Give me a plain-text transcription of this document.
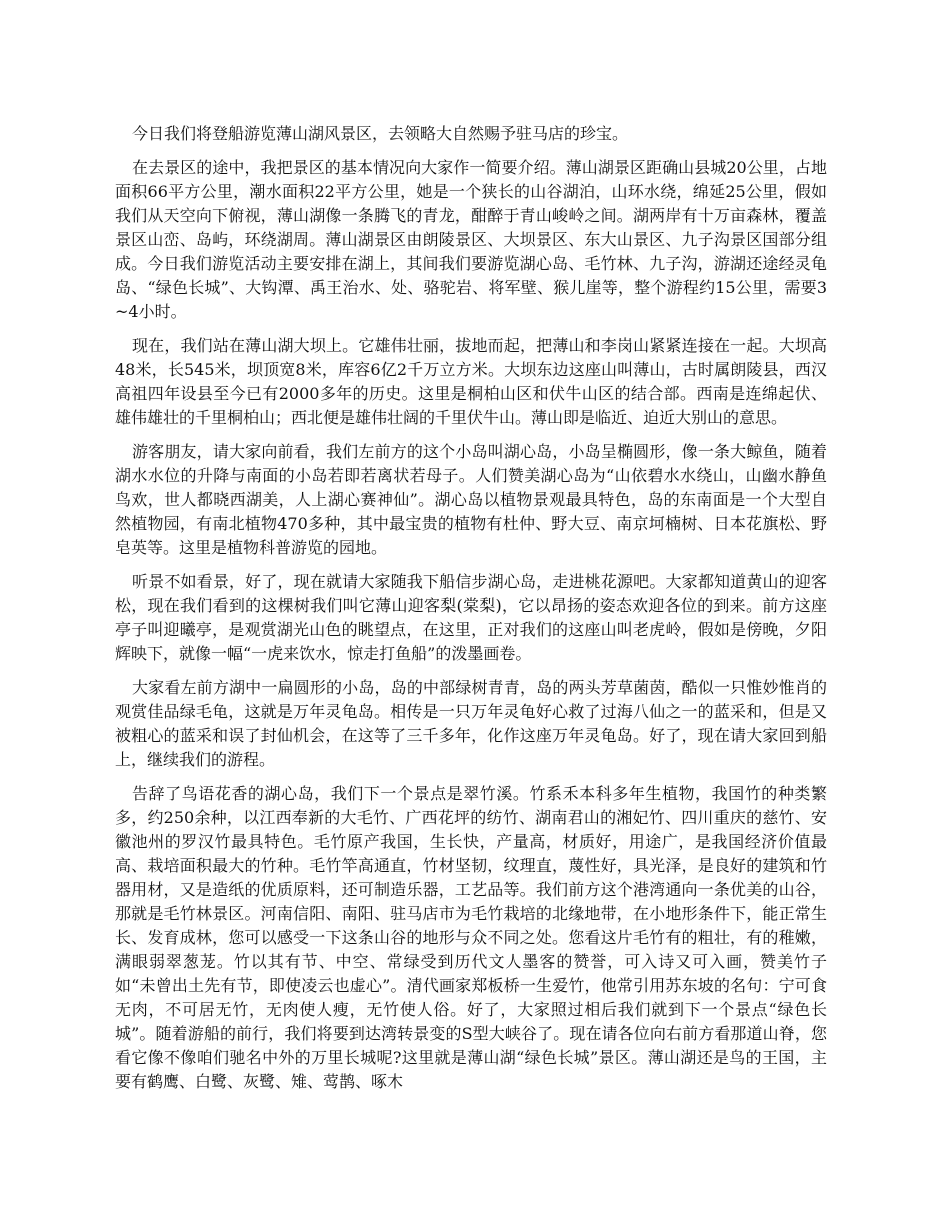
今日我们将登船游览薄山湖风景区，去领略大自然赐予驻马店的珍宝。

在去景区的途中，我把景区的基本情况向大家作一简要介绍。薄山湖景区距确山县城20公里，占地面积66平方公里，潮水面积22平方公里，她是一个狭长的山谷湖泊，山环水绕，绵延25公里，假如我们从天空向下俯视，薄山湖像一条腾飞的青龙，酣醉于青山峻岭之间。湖两岸有十万亩森林，覆盖景区山峦、岛屿，环绕湖周。薄山湖景区由朗陵景区、大坝景区、东大山景区、九子沟景区国部分组成。今日我们游览活动主要安排在湖上，其间我们要游览湖心岛、毛竹林、九子沟，游湖还途经灵龟岛、“绿色长城”、大钩潭、禹王治水、处、骆驼岩、将军壁、猴儿崖等，整个游程约15公里，需要3~4小时。

现在，我们站在薄山湖大坝上。它雄伟壮丽，拔地而起，把薄山和李岗山紧紧连接在一起。大坝高48米，长545米，坝顶宽8米，库容6亿2千万立方米。大坝东边这座山叫薄山，古时属朗陵县，西汉高祖四年设县至今已有2000多年的历史。这里是桐柏山区和伏牛山区的结合部。西南是连绵起伏、雄伟雄壮的千里桐柏山；西北便是雄伟壮阔的千里伏牛山。薄山即是临近、迫近大别山的意思。

游客朋友，请大家向前看，我们左前方的这个小岛叫湖心岛，小岛呈椭圆形，像一条大鲸鱼，随着湖水水位的升降与南面的小岛若即若离状若母子。人们赞美湖心岛为“山依碧水水绕山，山幽水静鱼鸟欢，世人都晓西湖美，人上湖心赛神仙”。湖心岛以植物景观最具特色，岛的东南面是一个大型自然植物园，有南北植物470多种，其中最宝贵的植物有杜仲、野大豆、南京坷楠树、日本花旗松、野皂英等。这里是植物科普游览的园地。

听景不如看景，好了，现在就请大家随我下船信步湖心岛，走进桃花源吧。大家都知道黄山的迎客松，现在我们看到的这棵树我们叫它薄山迎客梨(棠梨)，它以昂扬的姿态欢迎各位的到来。前方这座亭子叫迎曦亭，是观赏湖光山色的眺望点，在这里，正对我们的这座山叫老虎岭，假如是傍晚，夕阳辉映下，就像一幅“一虎来饮水，惊走打鱼船”的泼墨画卷。

大家看左前方湖中一扁圆形的小岛，岛的中部绿树青青，岛的两头芳草菌茵，酷似一只惟妙惟肖的观赏佳品绿毛龟，这就是万年灵龟岛。相传是一只万年灵龟好心救了过海八仙之一的蓝采和，但是又被粗心的蓝采和误了封仙机会，在这等了三千多年，化作这座万年灵龟岛。好了，现在请大家回到船上，继续我们的游程。

告辞了鸟语花香的湖心岛，我们下一个景点是翠竹溪。竹系禾本科多年生植物，我国竹的种类繁多，约250余种，以江西奉新的大毛竹、广西花坪的纺竹、湖南君山的湘妃竹、四川重庆的慈竹、安徽池州的罗汉竹最具特色。毛竹原产我国，生长快，产量高，材质好，用途广，是我国经济价值最高、栽培面积最大的竹种。毛竹竿高通直，竹材坚韧，纹理直，蔑性好，具光泽，是良好的建筑和竹器用材，又是造纸的优质原料，还可制造乐器，工艺品等。我们前方这个港湾通向一条优美的山谷，那就是毛竹林景区。河南信阳、南阳、驻马店市为毛竹栽培的北缘地带，在小地形条件下，能正常生长、发育成林，您可以感受一下这条山谷的地形与众不同之处。您看这片毛竹有的粗壮，有的稚嫩，满眼弱翠葱茏。竹以其有节、中空、常绿受到历代文人墨客的赞誉，可入诗又可入画，赞美竹子如“未曾出土先有节，即使凌云也虚心”。清代画家郑板桥一生爱竹，他常引用苏东坡的名句：宁可食无肉，不可居无竹，无肉使人瘦，无竹使人俗。好了，大家照过相后我们就到下一个景点“绿色长城”。随着游船的前行，我们将要到达湾转景变的S型大峡谷了。现在请各位向右前方看那道山脊，您看它像不像咱们驰名中外的万里长城呢?这里就是薄山湖“绿色长城”景区。薄山湖还是鸟的王国，主要有鹤鹰、白鹭、灰鹭、雉、莺鹊、啄木
